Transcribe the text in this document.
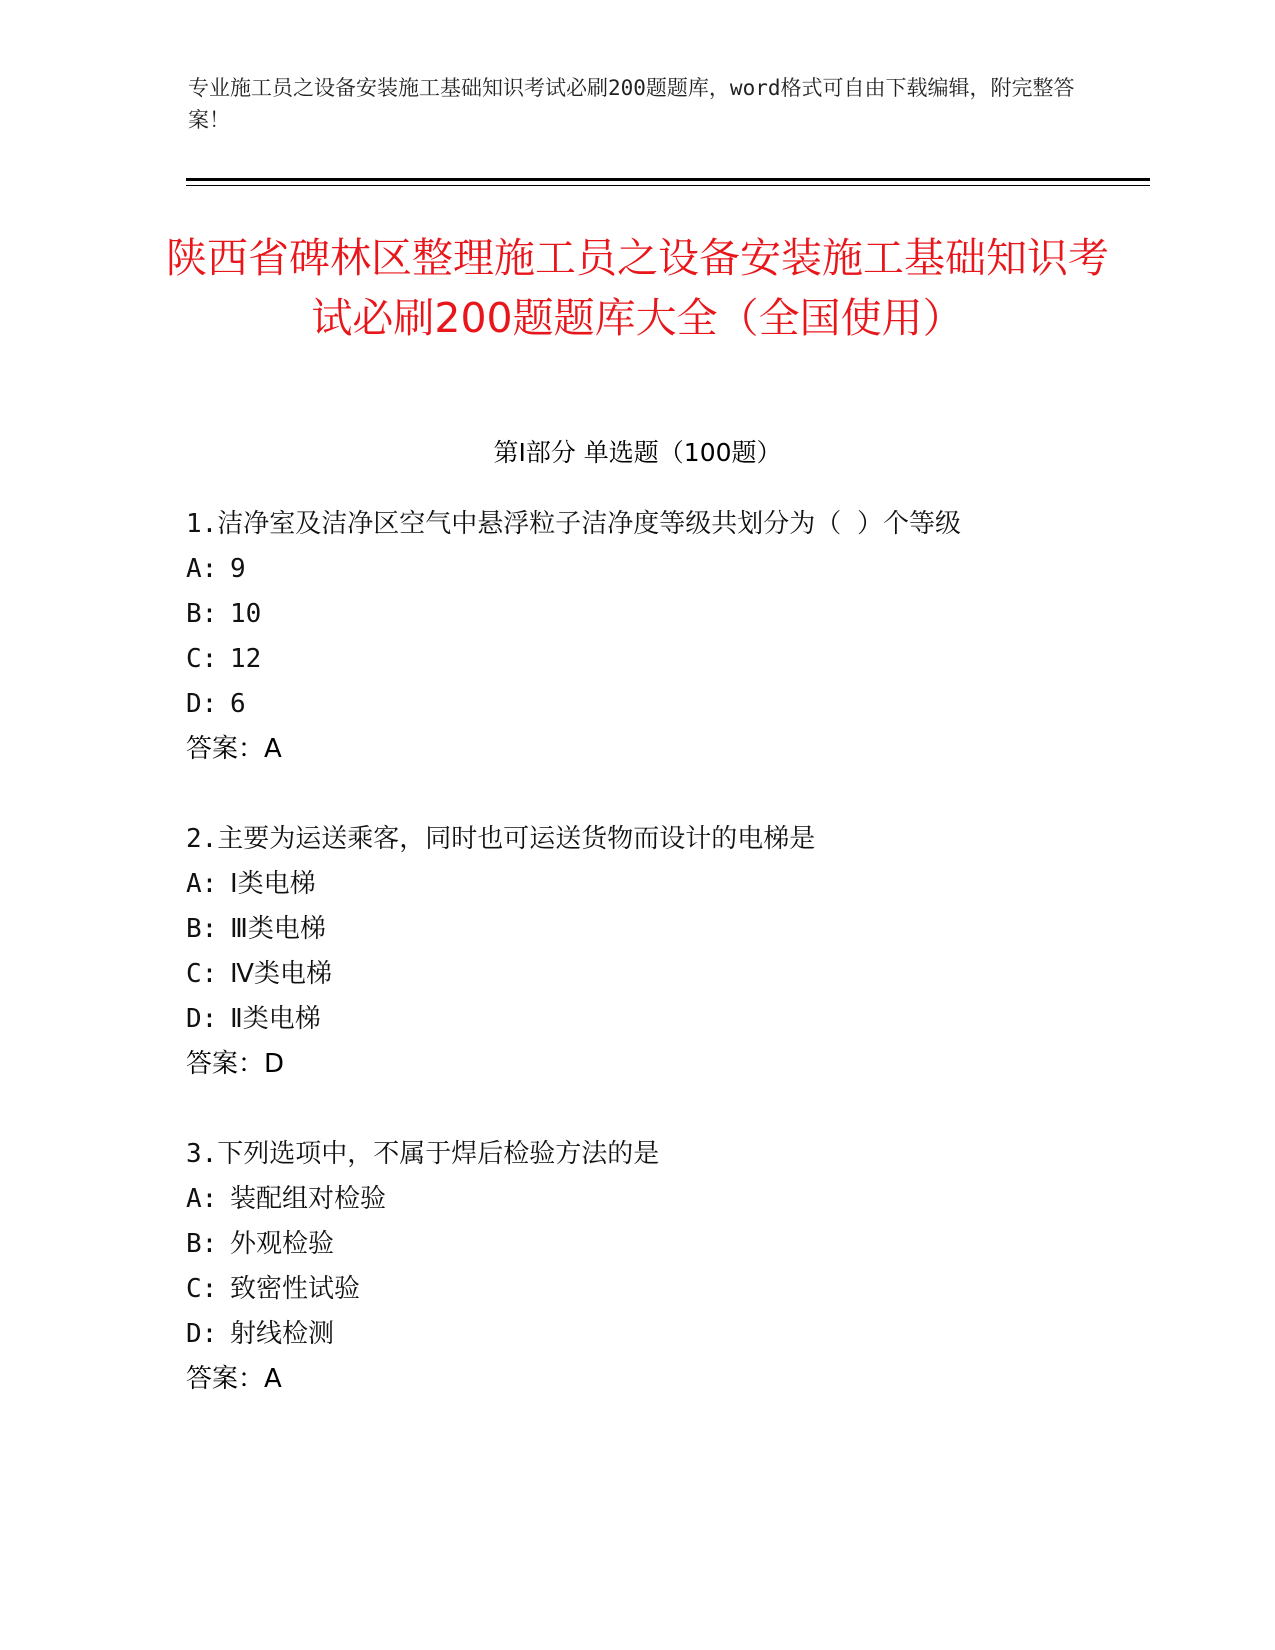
专业施工员之设备安装施工基础知识考试必刷200题题库，word格式可自由下载编辑，附完整答案！
陕西省碑林区整理施工员之设备安装施工基础知识考试必刷200题题库大全（全国使用）
第Ⅰ部分 单选题（100题）
1.洁净室及洁净区空气中悬浮粒子洁净度等级共划分为（ ）个等级
A: 9
B: 10
C: 12
D: 6
答案：A
2.主要为运送乘客，同时也可运送货物而设计的电梯是
A: Ⅰ类电梯
B: Ⅲ类电梯
C: Ⅳ类电梯
D: Ⅱ类电梯
答案：D
3.下列选项中，不属于焊后检验方法的是
A: 装配组对检验
B: 外观检验
C: 致密性试验
D: 射线检测
答案：A
